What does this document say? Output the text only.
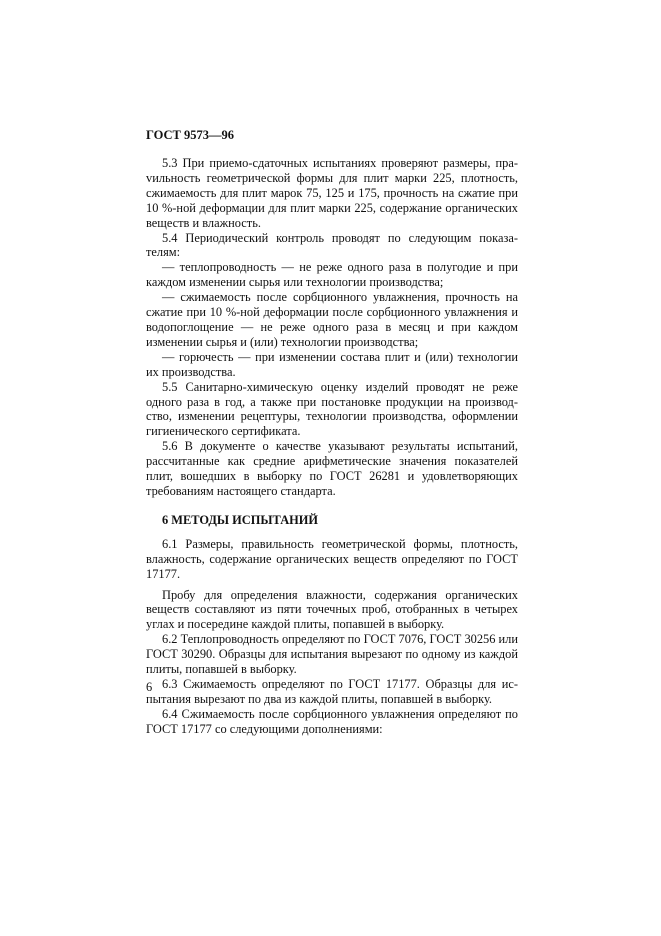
ГОСТ 9573—96

5.3 При приемо-сдаточных испытаниях проверяют размеры, праvильность геометрической формы для плит марки 225, плотность, сжимаемость для плит марок 75, 125 и 175, прочность на сжатие при 10 %-ной деформации для плит марки 225, содержание органических веществ и влажность.

5.4 Периодический контроль проводят по следующим показателям:

— теплопроводность — не реже одного раза в полугодие и при каждом изменении сырья или технологии производства;

— сжимаемость после сорбционного увлажнения, прочность на сжатие при 10 %-ной деформации после сорбционного увлажнения и водопоглощение — не реже одного раза в месяц и при каждом изменении сырья и (или) технологии производства;

— горючесть — при изменении состава плит и (или) технологии их производства.

5.5 Санитарно-химическую оценку изделий проводят не реже одного раза в год, а также при постановке продукции на производство, изменении рецептуры, технологии производства, оформлении гигиенического сертификата.

5.6 В документе о качестве указывают результаты испытаний, рассчитанные как средние арифметические значения показателей плит, вошедших в выборку по ГОСТ 26281 и удовлетворяющих требованиям настоящего стандарта.

6 МЕТОДЫ ИСПЫТАНИЙ

6.1 Размеры, правильность геометрической формы, плотность, влажность, содержание органических веществ определяют по ГОСТ 17177.

Пробу для определения влажности, содержания органических веществ составляют из пяти точечных проб, отобранных в четырех углах и посередине каждой плиты, попавшей в выборку.

6.2 Теплопроводность определяют по ГОСТ 7076, ГОСТ 30256 или ГОСТ 30290. Образцы для испытания вырезают по одному из каждой плиты, попавшей в выборку.

6.3 Сжимаемость определяют по ГОСТ 17177. Образцы для испытания вырезают по два из каждой плиты, попавшей в выборку.

6.4 Сжимаемость после сорбционного увлажнения определяют по ГОСТ 17177 со следующими дополнениями:

6
